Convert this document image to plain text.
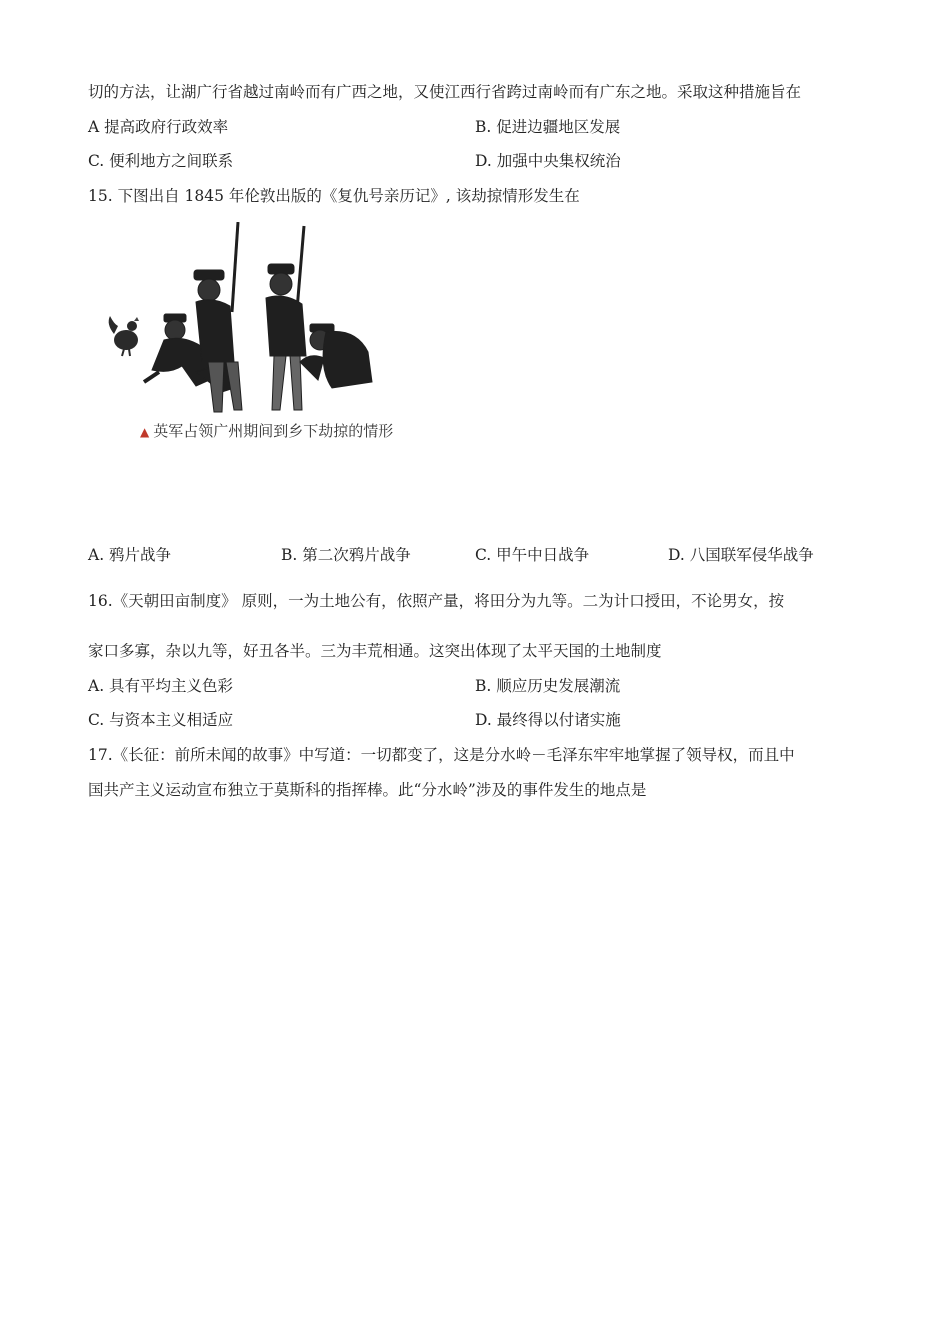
切的方法，让湖广行省越过南岭而有广西之地，又使江西行省跨过南岭而有广东之地。采取这种措施旨在
A 提高政府行政效率	B. 促进边疆地区发展
C. 便利地方之间联系	D. 加强中央集权统治
15. 下图出自 1845 年伦敦出版的《复仇号亲历记》, 该劫掠情形发生在
▲ 英军占领广州期间到乡下劫掠的情形
A. 鸦片战争	B. 第二次鸦片战争	C. 甲午中日战争	D. 八国联军侵华战争
16.《天朝田亩制度》 原则，一为土地公有，依照产量，将田分为九等。二为计口授田，不论男女，按
家口多寡，杂以九等，好丑各半。三为丰荒相通。这突出体现了太平天国的土地制度
A. 具有平均主义色彩	B. 顺应历史发展潮流
C. 与资本主义相适应	D. 最终得以付诸实施
17.《长征：前所未闻的故事》中写道：一切都变了，这是分水岭－毛泽东牢牢地掌握了领导权，而且中
国共产主义运动宣布独立于莫斯科的指挥棒。此“分水岭”涉及的事件发生的地点是
